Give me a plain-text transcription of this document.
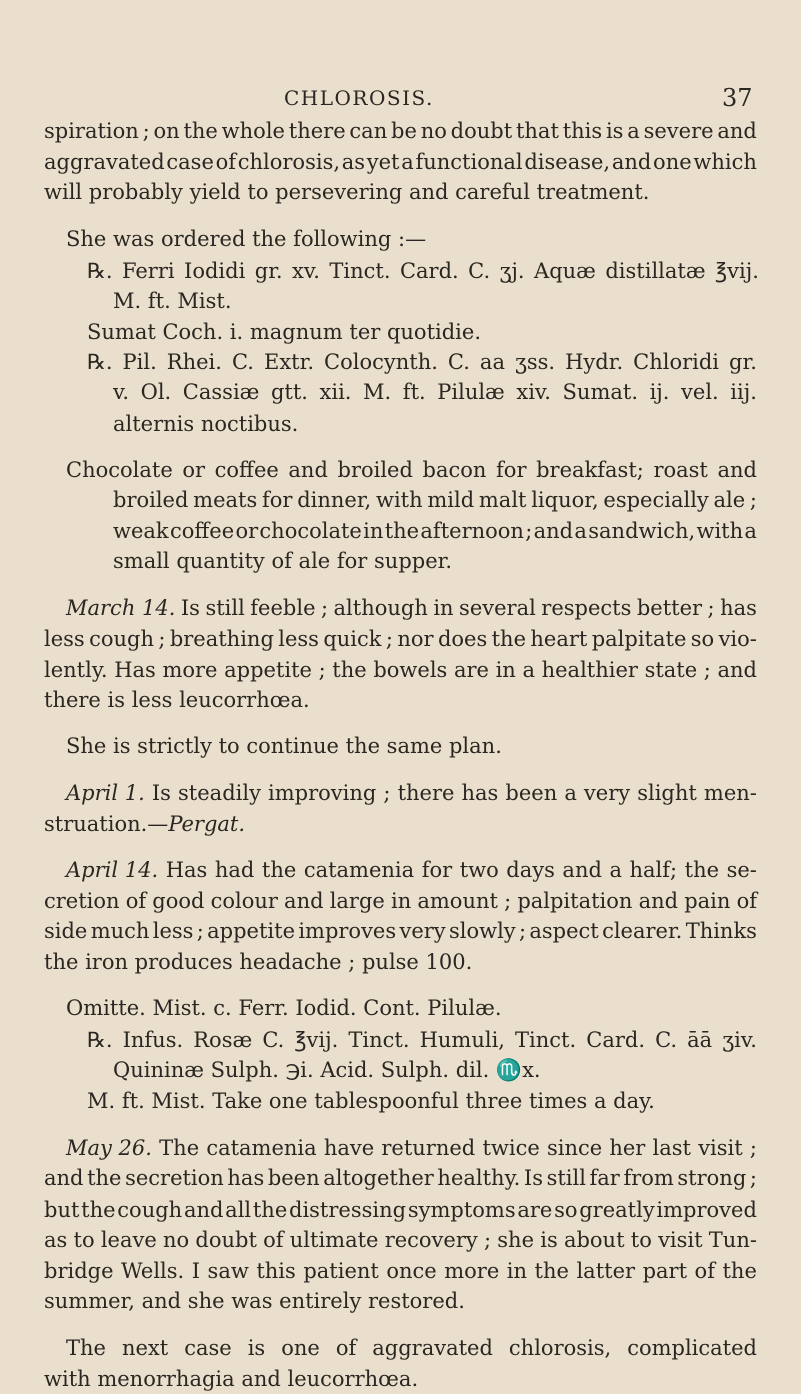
CHLOROSIS.	37
spiration ; on the whole there can be no doubt that this is a severe and
aggravated case of chlorosis, as yet a functional disease, and one which
will probably yield to persevering and careful treatment.
She was ordered the following :—
℞. Ferri Iodidi gr. xv. Tinct. Card. C. ʒj. Aquæ distillatæ ℥vij.
M. ft. Mist.
Sumat Coch. i. magnum ter quotidie.
℞. Pil. Rhei. C. Extr. Colocynth. C. aa ʒss. Hydr. Chloridi gr.
v. Ol. Cassiæ gtt. xii. M. ft. Pilulæ xiv. Sumat. ij. vel. iij.
alternis noctibus.
Chocolate or coffee and broiled bacon for breakfast; roast and
broiled meats for dinner, with mild malt liquor, especially ale ;
weak coffee or chocolate in the afternoon ; and a sandwich, with a
small quantity of ale for supper.
March 14. Is still feeble ; although in several respects better ; has
less cough ; breathing less quick ; nor does the heart palpitate so vio-
lently. Has more appetite ; the bowels are in a healthier state ; and
there is less leucorrhœa.
She is strictly to continue the same plan.
April 1. Is steadily improving ; there has been a very slight men-
struation.—Pergat.
April 14. Has had the catamenia for two days and a half; the se-
cretion of good colour and large in amount ; palpitation and pain of
side much less ; appetite improves very slowly ; aspect clearer. Thinks
the iron produces headache ; pulse 100.
Omitte. Mist. c. Ferr. Iodid. Cont. Pilulæ.
℞. Infus. Rosæ C. ℥vij. Tinct. Humuli, Tinct. Card. C. āā ʒiv.
Quininæ Sulph. ℈i. Acid. Sulph. dil. ♏x.
M. ft. Mist. Take one tablespoonful three times a day.
May 26. The catamenia have returned twice since her last visit ;
and the secretion has been altogether healthy. Is still far from strong ;
but the cough and all the distressing symptoms are so greatly improved
as to leave no doubt of ultimate recovery ; she is about to visit Tun-
bridge Wells. I saw this patient once more in the latter part of the
summer, and she was entirely restored.
The next case is one of aggravated chlorosis, complicated
with menorrhagia and leucorrhœa.
